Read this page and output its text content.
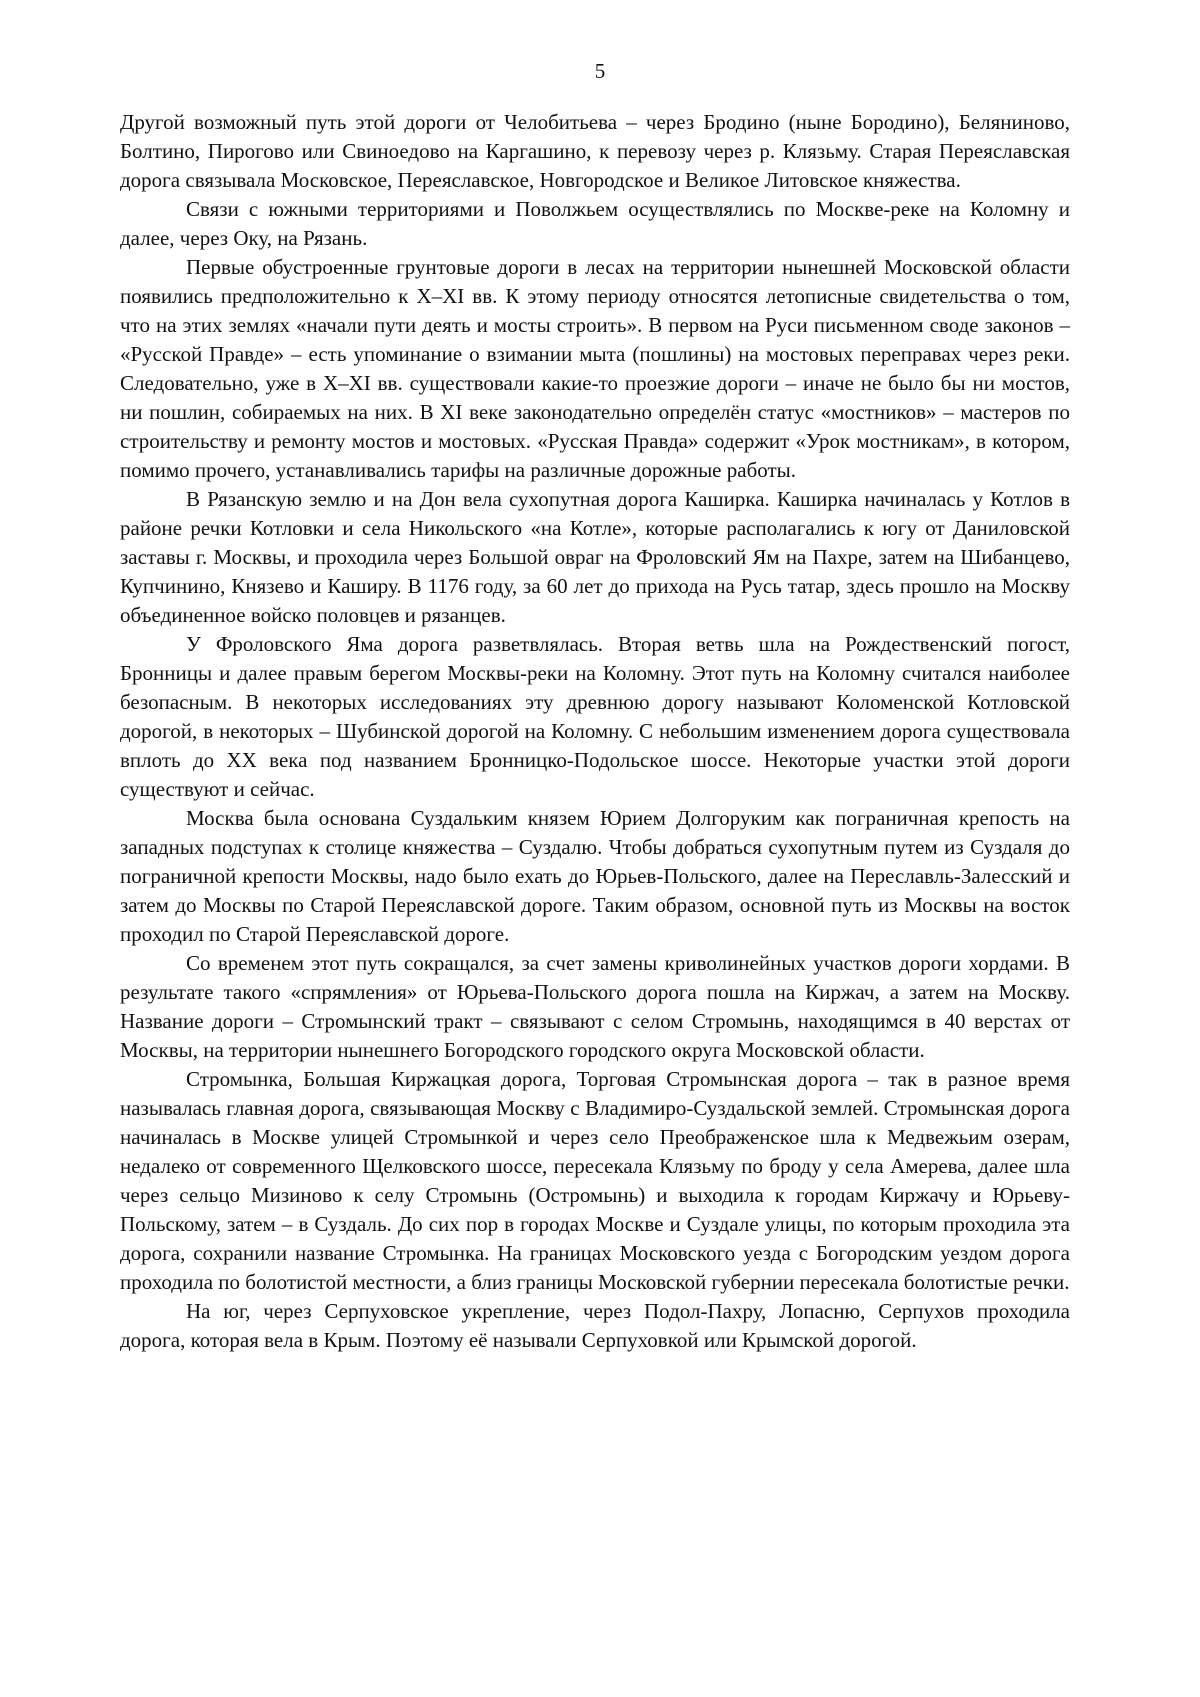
5

Другой возможный путь этой дороги от Челобитьева – через Бродино (ныне Бородино), Беляниново, Болтино, Пирогово или Свиноедово на Каргашино, к перевозу через р. Клязьму. Старая Переяславская дорога связывала Московское, Переяславское, Новгородское и Великое Литовское княжества.

Связи с южными территориями и Поволжьем осуществлялись по Москве-реке на Коломну и далее, через Оку, на Рязань.

Первые обустроенные грунтовые дороги в лесах на территории нынешней Московской области появились предположительно к X–XI вв. К этому периоду относятся летописные свидетельства о том, что на этих землях «начали пути деять и мосты строить». В первом на Руси письменном своде законов – «Русской Правде» – есть упоминание о взимании мыта (пошлины) на мостовых переправах через реки. Следовательно, уже в X–XI вв. существовали какие-то проезжие дороги – иначе не было бы ни мостов, ни пошлин, собираемых на них. В XI веке законодательно определён статус «мостников» – мастеров по строительству и ремонту мостов и мостовых. «Русская Правда» содержит «Урок мостникам», в котором, помимо прочего, устанавливались тарифы на различные дорожные работы.

В Рязанскую землю и на Дон вела сухопутная дорога Каширка. Каширка начиналась у Котлов в районе речки Котловки и села Никольского «на Котле», которые располагались к югу от Даниловской заставы г. Москвы, и проходила через Большой овраг на Фроловский Ям на Пахре, затем на Шибанцево, Купчинино, Князево и Каширу. В 1176 году, за 60 лет до прихода на Русь татар, здесь прошло на Москву объединенное войско половцев и рязанцев.

У Фроловского Яма дорога разветвлялась. Вторая ветвь шла на Рождественский погост, Бронницы и далее правым берегом Москвы-реки на Коломну. Этот путь на Коломну считался наиболее безопасным. В некоторых исследованиях эту древнюю дорогу называют Коломенской Котловской дорогой, в некоторых – Шубинской дорогой на Коломну. С небольшим изменением дорога существовала вплоть до XX века под названием Бронницко-Подольское шоссе. Некоторые участки этой дороги существуют и сейчас.

Москва была основана Суздальким князем Юрием Долгоруким как пограничная крепость на западных подступах к столице княжества – Суздалю. Чтобы добраться сухопутным путем из Суздаля до пограничной крепости Москвы, надо было ехать до Юрьев-Польского, далее на Переславль-Залесский и затем до Москвы по Старой Переяславской дороге. Таким образом, основной путь из Москвы на восток проходил по Старой Переяславской дороге.

Со временем этот путь сокращался, за счет замены криволинейных участков дороги хордами. В результате такого «спрямления» от Юрьева-Польского дорога пошла на Киржач, а затем на Москву. Название дороги – Стромынский тракт – связывают с селом Стромынь, находящимся в 40 верстах от Москвы, на территории нынешнего Богородского городского округа Московской области.

Стромынка, Большая Киржацкая дорога, Торговая Стромынская дорога – так в разное время называлась главная дорога, связывающая Москву с Владимиро-Суздальской землей. Стромынская дорога начиналась в Москве улицей Стромынкой и через село Преображенское шла к Медвежьим озерам, недалеко от современного Щелковского шоссе, пересекала Клязьму по броду у села Амерева, далее шла через сельцо Мизиново к селу Стромынь (Остромынь) и выходила к городам Киржачу и Юрьеву-Польскому, затем – в Суздаль. До сих пор в городах Москве и Суздале улицы, по которым проходила эта дорога, сохранили название Стромынка. На границах Московского уезда с Богородским уездом дорога проходила по болотистой местности, а близ границы Московской губернии пересекала болотистые речки.

На юг, через Серпуховское укрепление, через Подол-Пахру, Лопасню, Серпухов проходила дорога, которая вела в Крым. Поэтому её называли Серпуховкой или Крымской дорогой.
